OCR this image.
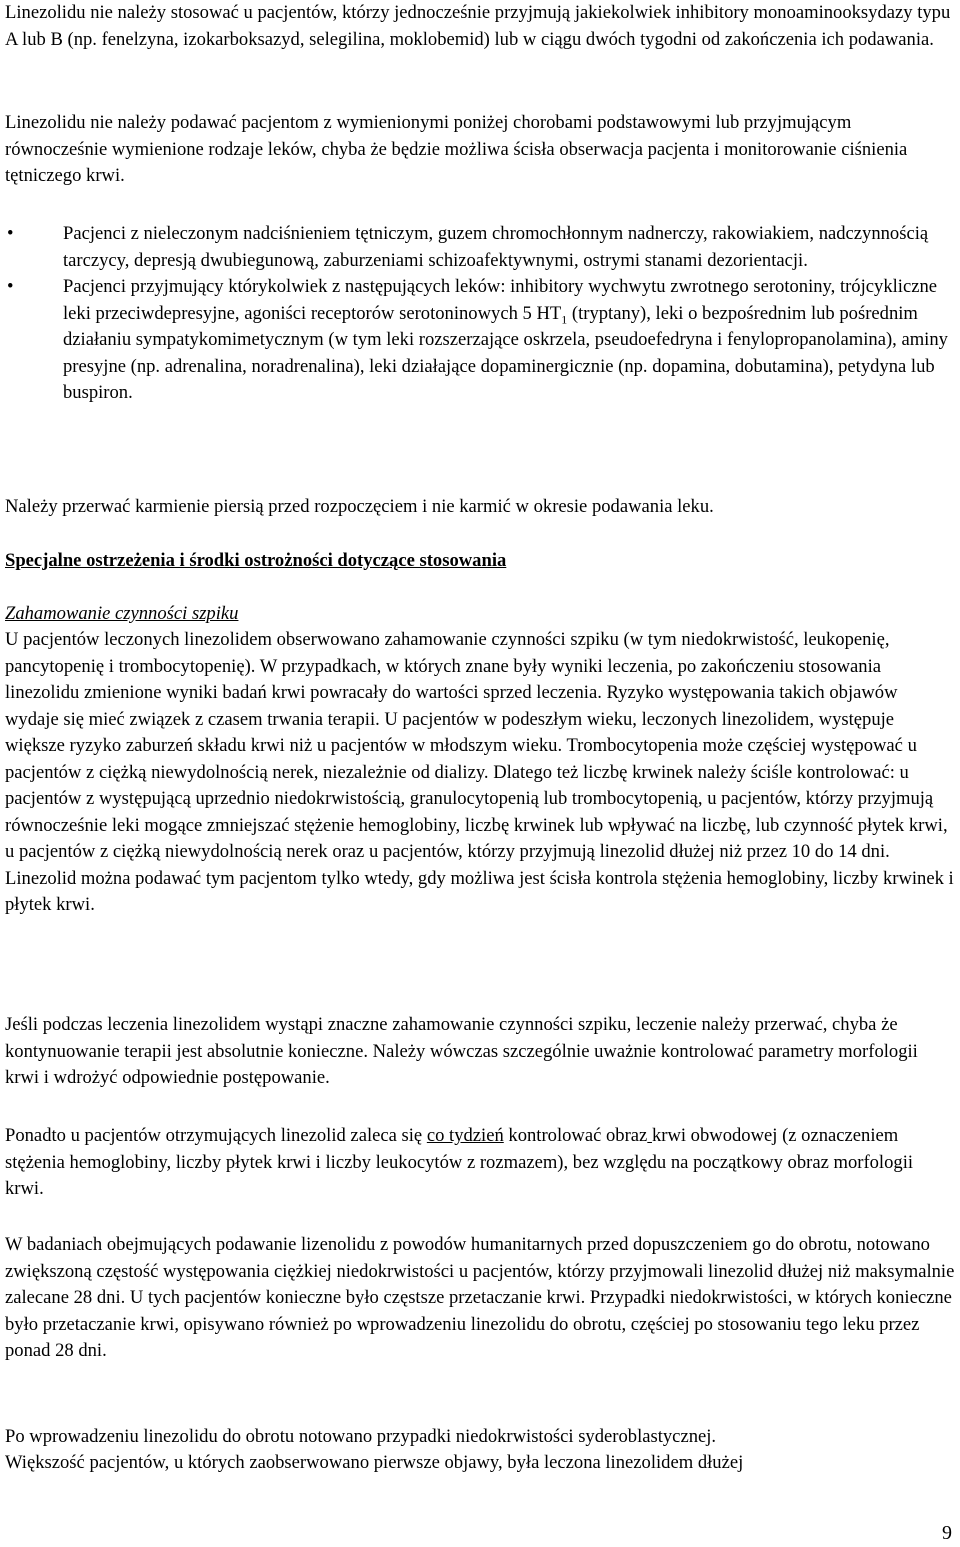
Linezolidu nie należy stosować u pacjentów, którzy jednocześnie przyjmują jakiekolwiek inhibitory monoaminooksydazy typu A lub B (np. fenelzyna, izokarboksazyd, selegilina, moklobemid) lub w ciągu dwóch tygodni od zakończenia ich podawania.

Linezolidu nie należy podawać pacjentom z wymienionymi poniżej chorobami podstawowymi lub przyjmującym równocześnie wymienione rodzaje leków, chyba że będzie możliwa ścisła obserwacja pacjenta i monitorowanie ciśnienia tętniczego krwi.

•	Pacjenci z nieleczonym nadciśnieniem tętniczym, guzem chromochłonnym nadnerczy, rakowiakiem, nadczynnością tarczycy, depresją dwubiegunową, zaburzeniami schizoafektywnymi, ostrymi stanami dezorientacji.
•	Pacjenci przyjmujący którykolwiek z następujących leków: inhibitory wychwytu zwrotnego serotoniny, trójcykliczne leki przeciwdepresyjne, agoniści receptorów serotoninowych 5 $HT_1$ (tryptany), leki o bezpośrednim lub pośrednim działaniu sympatykomimetycznym (w tym leki rozszerzające oskrzela, pseudoefedryna i fenylopropanolamina), aminy presyjne (np. adrenalina, noradrenalina), leki działające dopaminergicznie (np. dopamina, dobutamina), petydyna lub buspiron.

Należy przerwać karmienie piersią przed rozpoczęciem i nie karmić w okresie podawania leku.

Specjalne ostrzeżenia i środki ostrożności dotyczące stosowania

Zahamowanie czynności szpiku

U pacjentów leczonych linezolidem obserwowano zahamowanie czynności szpiku (w tym niedokrwistość, leukopenię, pancytopenię i trombocytopenię). W przypadkach, w których znane były wyniki leczenia, po zakończeniu stosowania linezolidu zmienione wyniki badań krwi powracały do wartości sprzed leczenia. Ryzyko występowania takich objawów wydaje się mieć związek z czasem trwania terapii. U pacjentów w podeszłym wieku, leczonych linezolidem, występuje większe ryzyko zaburzeń składu krwi niż u pacjentów w młodszym wieku. Trombocytopenia może częściej występować u pacjentów z ciężką niewydolnością nerek, niezależnie od dializy. Dlatego też liczbę krwinek należy ściśle kontrolować: u pacjentów z występującą uprzednio niedokrwistością, granulocytopenią lub trombocytopenią, u pacjentów, którzy przyjmują równocześnie leki mogące zmniejszać stężenie hemoglobiny, liczbę krwinek lub wpływać na liczbę, lub czynność płytek krwi, u pacjentów z ciężką niewydolnością nerek oraz u pacjentów, którzy przyjmują linezolid dłużej niż przez 10 do 14 dni. Linezolid można podawać tym pacjentom tylko wtedy, gdy możliwa jest ścisła kontrola stężenia hemoglobiny, liczby krwinek i płytek krwi.

Jeśli podczas leczenia linezolidem wystąpi znaczne zahamowanie czynności szpiku, leczenie należy przerwać, chyba że kontynuowanie terapii jest absolutnie konieczne. Należy wówczas szczególnie uważnie kontrolować parametry morfologii krwi i wdrożyć odpowiednie postępowanie.

Ponadto u pacjentów otrzymujących linezolid zaleca się co tydzień kontrolować obraz krwi obwodowej (z oznaczeniem stężenia hemoglobiny, liczby płytek krwi i liczby leukocytów z rozmazem), bez względu na początkowy obraz morfologii krwi.

W badaniach obejmujących podawanie lizenolidu z powodów humanitarnych przed dopuszczeniem go do obrotu, notowano zwiększoną częstość występowania ciężkiej niedokrwistości u pacjentów, którzy przyjmowali linezolid dłużej niż maksymalnie zalecane 28 dni. U tych pacjentów konieczne było częstsze przetaczanie krwi. Przypadki niedokrwistości, w których konieczne było przetaczanie krwi, opisywano również po wprowadzeniu linezolidu do obrotu, częściej po stosowaniu tego leku przez ponad 28 dni.

Po wprowadzeniu linezolidu do obrotu notowano przypadki niedokrwistości syderoblastycznej.

Większość pacjentów, u których zaobserwowano pierwsze objawy, była leczona linezolidem dłużej

9
